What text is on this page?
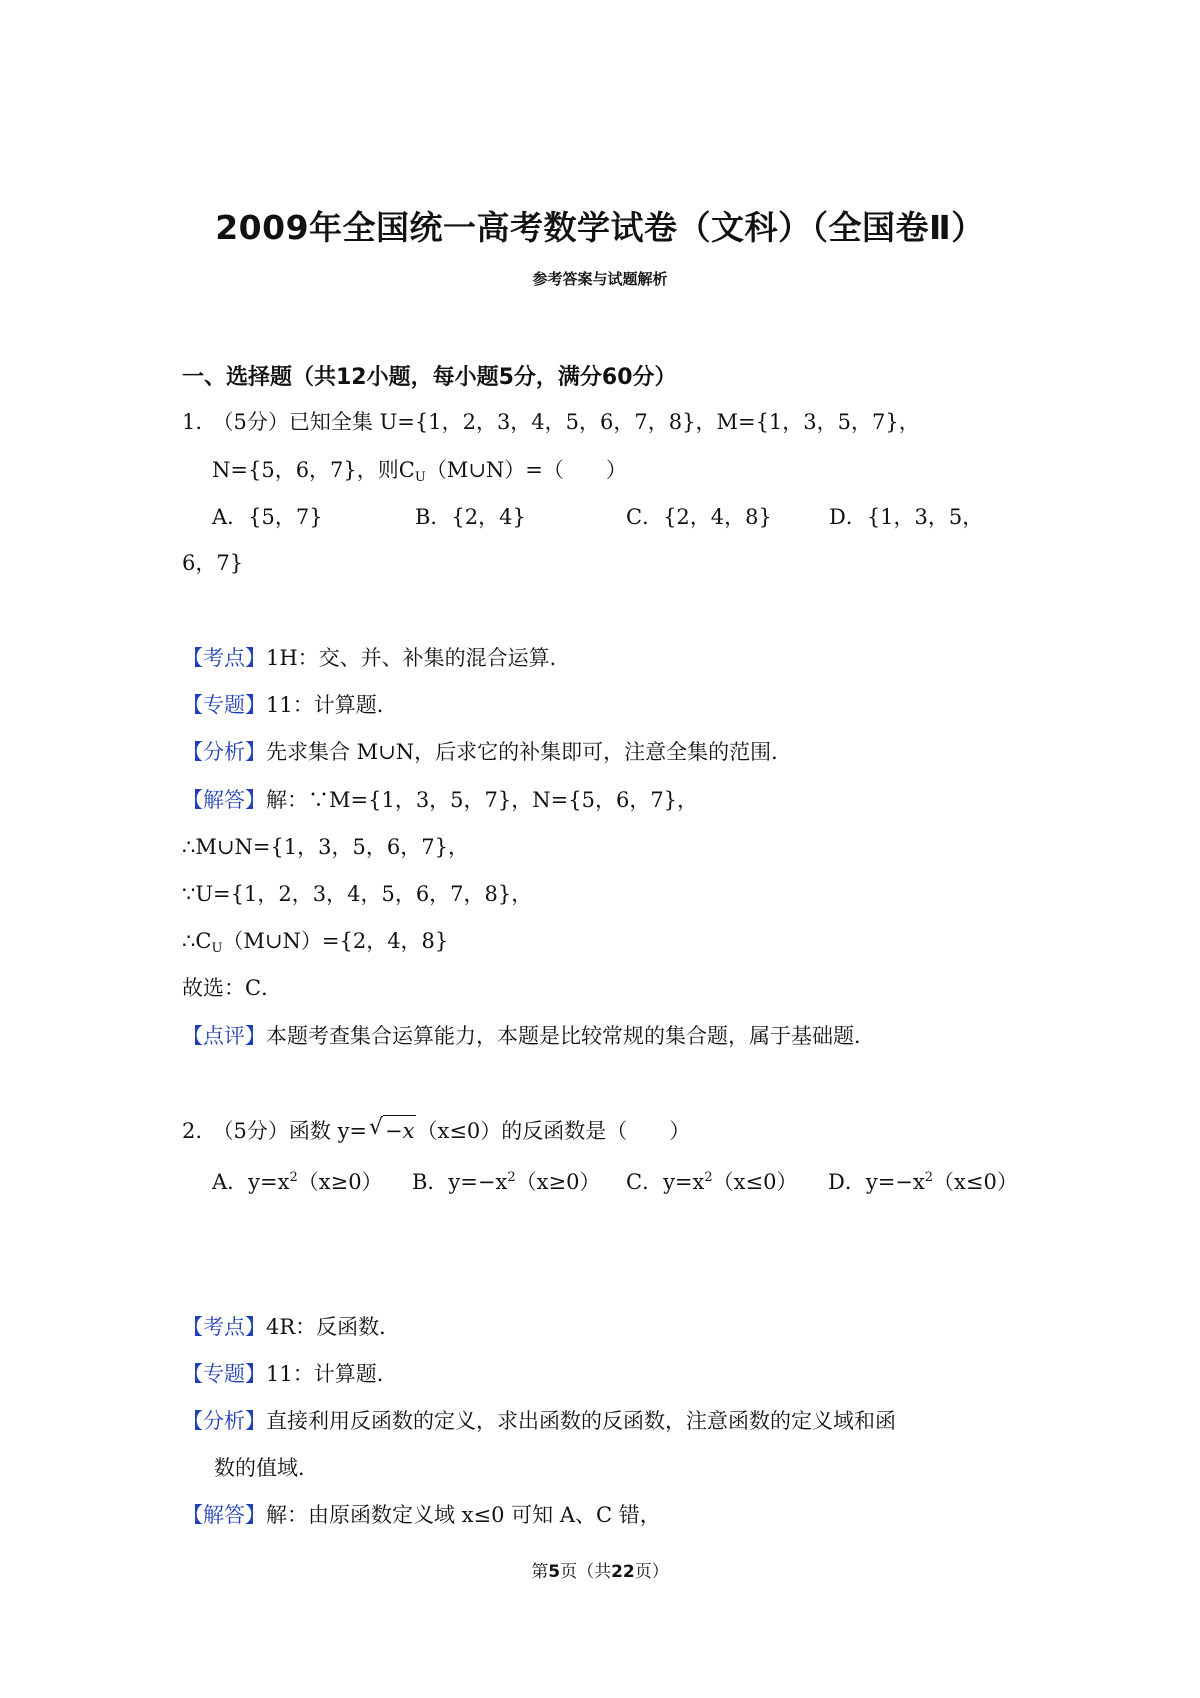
2009年全国统一高考数学试卷（文科）（全国卷Ⅱ）
参考答案与试题解析
一、选择题（共12小题，每小题5分，满分60分）
1.　（5分）已知全集 U={1，2，3，4，5，6，7，8}，M={1，3，5，7}，
N={5，6，7}，则$C_U(M\cup N)=$（　　）
A．{5，7}	B．{2，4}	C．{2，4，8}	D．{1，3，5，
6，7}
【考点】1H：交、并、补集的混合运算．
【专题】11：计算题．
【分析】先求集合 M∪N，后求它的补集即可，注意全集的范围．
【解答】解：∵M={1，3，5，7}，N={5，6，7}，
∴M∪N={1，3，5，6，7}，
∵U={1，2，3，4，5，6，7，8}，
$\therefore C_U(M\cup N)=\{2$，4，8}
故选：C．
【点评】本题考查集合运算能力，本题是比较常规的集合题，属于基础题．
2.　（5分）函数 y= √ −x（x≤0）的反函数是（　　）
A．$y=x^2(x\ge 0)$ B．$y=-x^2(x\ge 0)$ C．$y=x^2(x\le 0)$ D．$y=-x^2(x\le 0)$
【考点】4R：反函数．
【专题】11：计算题．
【分析】直接利用反函数的定义，求出函数的反函数，注意函数的定义域和函
数的值域．
【解答】解：由原函数定义域 x≤0 可知 A、C 错，
第5页（共22页）
